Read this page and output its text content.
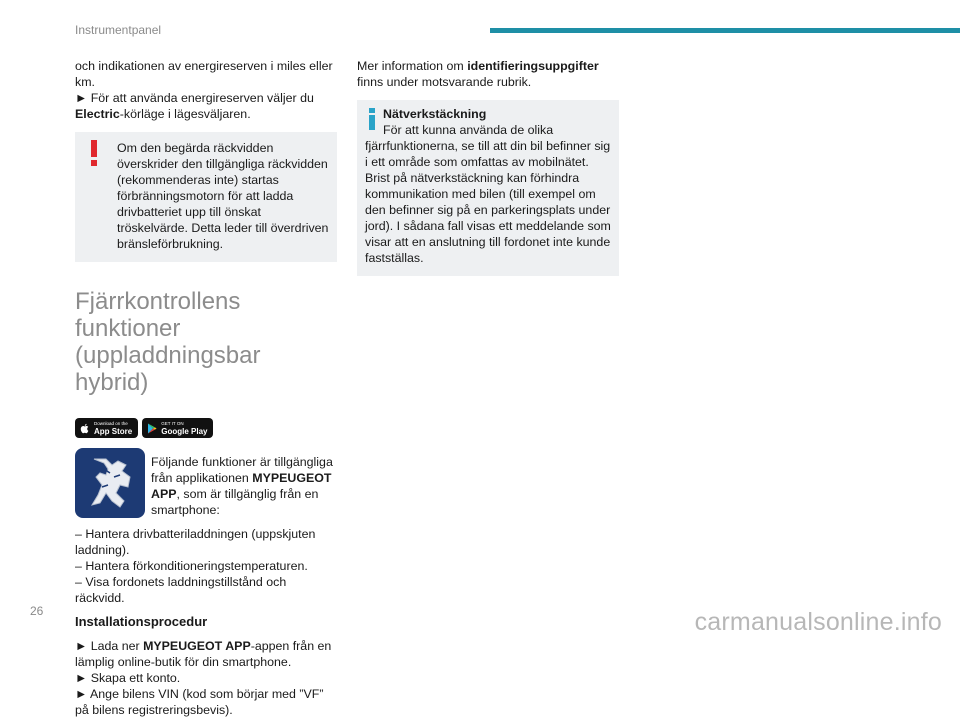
Instrumentpanel

och indikationen av energireserven i miles eller km.
► För att använda energireserven väljer du Electric-körläge i lägesväljaren.

Om den begärda räckvidden överskrider den tillgängliga räckvidden (rekommenderas inte) startas förbränningsmotorn för att ladda drivbatteriet upp till önskat tröskelvärde. Detta leder till överdriven bränsleförbrukning.

Fjärrkontrollens funktioner (uppladdningsbar hybrid)
Download on the
App Store
GET IT ON
Google Play

Följande funktioner är tillgängliga från applikationen MYPEUGEOT APP, som är tillgänglig från en smartphone:

– Hantera drivbatteriladdningen (uppskjuten laddning).

– Hantera förkonditioneringstemperaturen.

– Visa fordonets laddningstillstånd och räckvidd.

Installationsprocedur

► Lada ner MYPEUGEOT APP-appen från en lämplig online-butik för din smartphone.

► Skapa ett konto.

► Ange bilens VIN (kod som börjar med ”VF” på bilens registreringsbevis).

Mer information om identifieringsuppgifter finns under motsvarande rubrik.

Nätverkstäckning

För att kunna använda de olika fjärrfunktionerna, se till att din bil befinner sig i ett område som omfattas av mobilnätet.

Brist på nätverkstäckning kan förhindra kommunikation med bilen (till exempel om den befinner sig på en parkeringsplats under jord). I sådana fall visas ett meddelande som visar att en anslutning till fordonet inte kunde fastställas.

26	carmanualsonline.info
